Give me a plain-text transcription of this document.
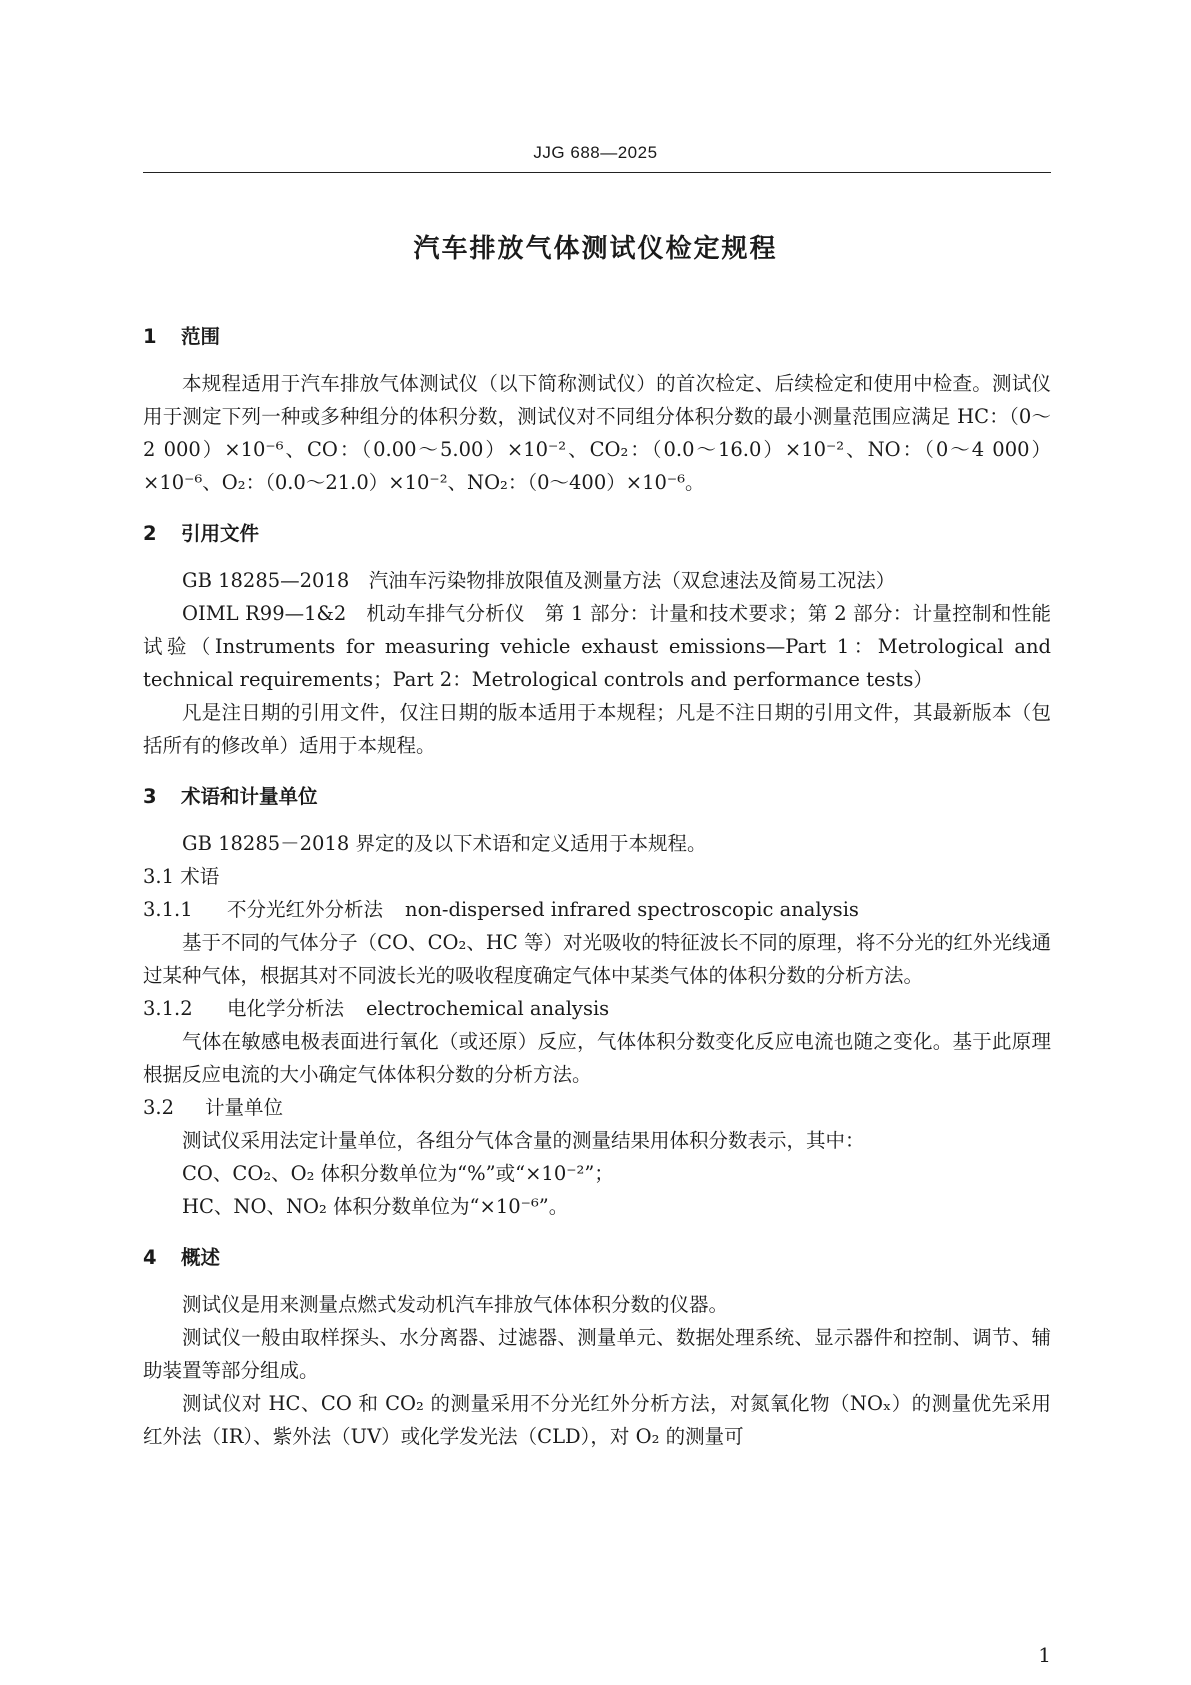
JJG 688—2025
汽车排放气体测试仪检定规程
1 范围
本规程适用于汽车排放气体测试仪（以下简称测试仪）的首次检定、后续检定和使用中检查。测试仪用于测定下列一种或多种组分的体积分数，测试仪对不同组分体积分数的最小测量范围应满足 HC：（0～2 000）×10⁻⁶、CO：（0.00～5.00）×10⁻²、CO₂：（0.0～16.0）×10⁻²、NO：（0～4 000）×10⁻⁶、O₂：（0.0～21.0）×10⁻²、NO₂：（0～400）×10⁻⁶。
2 引用文件
GB 18285—2018　汽油车污染物排放限值及测量方法（双怠速法及简易工况法）
OIML R99—1&2　机动车排气分析仪　第 1 部分：计量和技术要求；第 2 部分：计量控制和性能试验（Instruments for measuring vehicle exhaust emissions—Part 1：Metrological and technical requirements；Part 2：Metrological controls and performance tests）
凡是注日期的引用文件，仅注日期的版本适用于本规程；凡是不注日期的引用文件，其最新版本（包括所有的修改单）适用于本规程。
3 术语和计量单位
GB 18285－2018 界定的及以下术语和定义适用于本规程。
3.1 术语
3.1.1 不分光红外分析法 non-dispersed infrared spectroscopic analysis
基于不同的气体分子（CO、CO₂、HC 等）对光吸收的特征波长不同的原理，将不分光的红外光线通过某种气体，根据其对不同波长光的吸收程度确定气体中某类气体的体积分数的分析方法。
3.1.2 电化学分析法 electrochemical analysis
气体在敏感电极表面进行氧化（或还原）反应，气体体积分数变化反应电流也随之变化。基于此原理根据反应电流的大小确定气体体积分数的分析方法。
3.2 计量单位
测试仪采用法定计量单位，各组分气体含量的测量结果用体积分数表示，其中：
CO、CO₂、O₂ 体积分数单位为“%”或“×10⁻²”；
HC、NO、NO₂ 体积分数单位为“×10⁻⁶”。
4 概述
测试仪是用来测量点燃式发动机汽车排放气体体积分数的仪器。
测试仪一般由取样探头、水分离器、过滤器、测量单元、数据处理系统、显示器件和控制、调节、辅助装置等部分组成。
测试仪对 HC、CO 和 CO₂ 的测量采用不分光红外分析方法，对氮氧化物（NOₓ）的测量优先采用红外法（IR）、紫外法（UV）或化学发光法（CLD），对 O₂ 的测量可
1
